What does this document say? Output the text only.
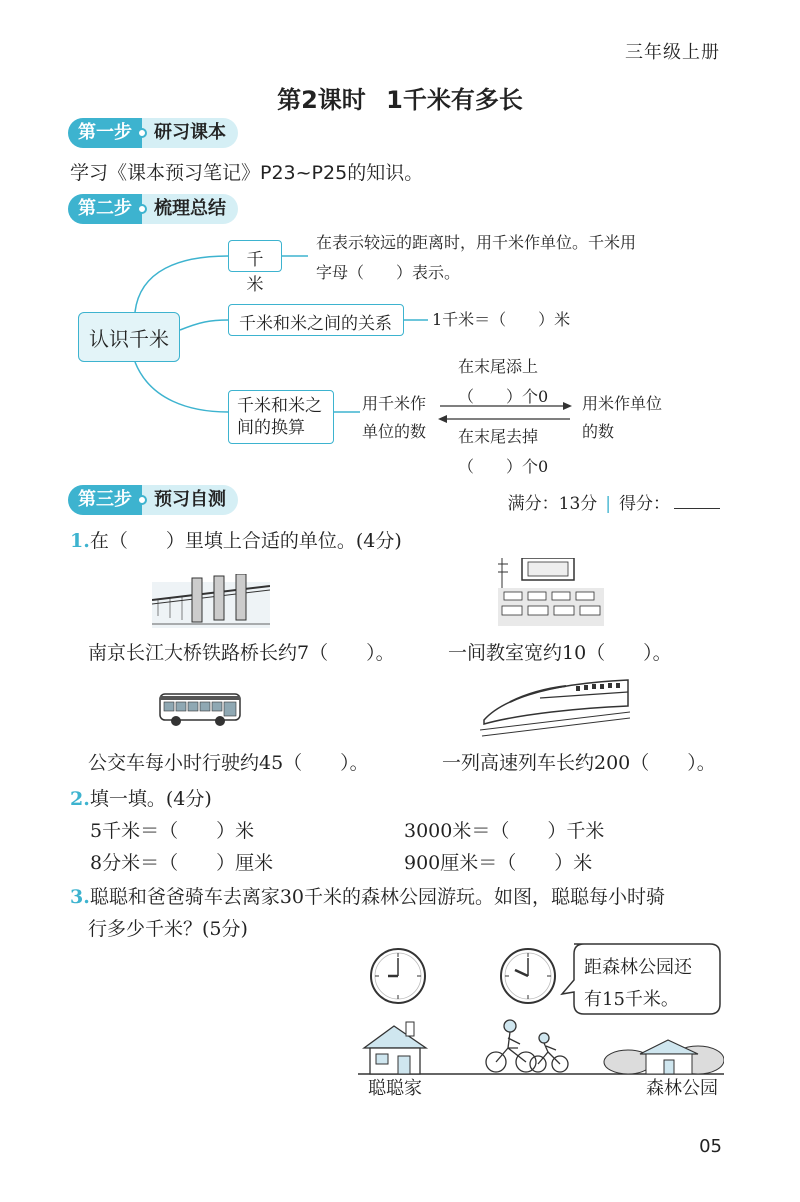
三年级上册
第2课时 1千米有多长
第一步	研习课本
学习《课本预习笔记》P23~P25的知识。
第二步	梳理总结
认识千米
千米
在表示较远的距离时，用千米作单位。千米用
字母（　　）表示。
千米和米之间的关系	1千米＝（　　）米
千米和米之
间的换算
用千米作
单位的数
在末尾添上
（　　）个0
在末尾去掉
（　　）个0
用米作单位
的数
第三步	预习自测	满分：13分 | 得分：
1.在（　　）里填上合适的单位。(4分)
南京长江大桥铁路桥长约7（　　）。	一间教室宽约10（　　）。
公交车每小时行驶约45（　　）。	一列高速列车长约200（　　）。
2.填一填。(4分)
5千米＝（　　）米	3000米＝（　　）千米
8分米＝（　　）厘米	900厘米＝（　　）米
3.聪聪和爸爸骑车去离家30千米的森林公园游玩。如图，聪聪每小时骑
行多少千米？(5分)
距森林公园还
有15千米。
聪聪家	森林公园
05
